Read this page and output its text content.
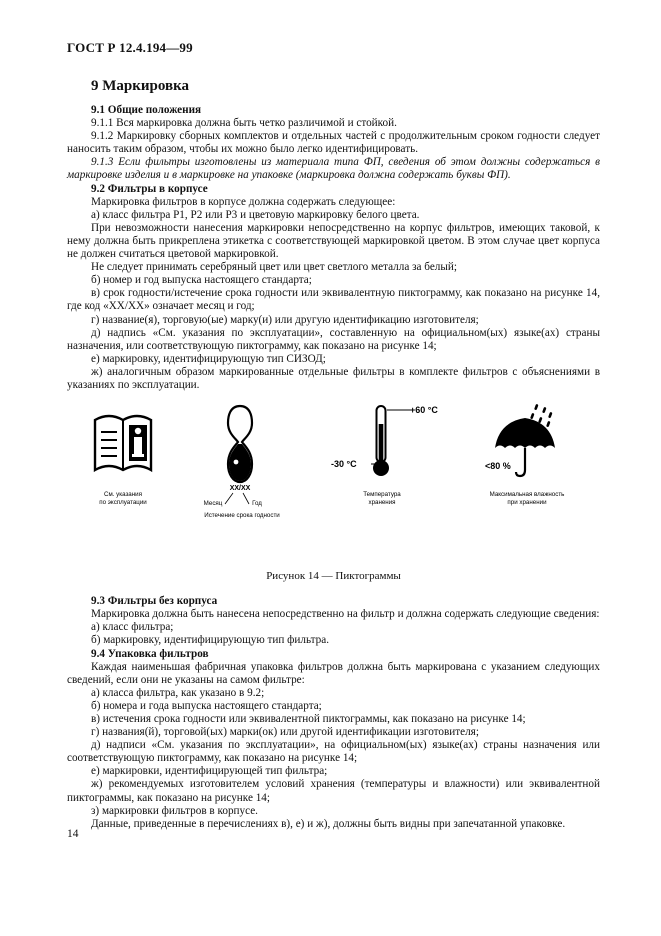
ГОСТ Р 12.4.194—99
9 Маркировка

9.1 Общие положения

9.1.1 Вся маркировка должна быть четко различимой и стойкой.

9.1.2 Маркировку сборных комплектов и отдельных частей с продолжительным сроком годности следует наносить таким образом, чтобы их можно было легко идентифицировать.

9.1.3 Если фильтры изготовлены из материала типа ФП, сведения об этом должны содержаться в маркировке изделия и в маркировке на упаковке (маркировка должна содержать буквы ФП).

9.2 Фильтры в корпусе

Маркировка фильтров в корпусе должна содержать следующее:

а) класс фильтра Р1, Р2 или Р3 и цветовую маркировку белого цвета.

При невозможности нанесения маркировки непосредственно на корпус фильтров, имеющих таковой, к нему должна быть прикреплена этикетка с соответствующей маркировкой цветом. В этом случае цвет корпуса не должен считаться цветовой маркировкой.

Не следует принимать серебряный цвет или цвет светлого металла за белый;

б) номер и год выпуска настоящего стандарта;

в) срок годности/истечение срока годности или эквивалентную пиктограмму, как показано на рисунке 14, где код «XX/XX» означает месяц и год;

г) название(я), торговую(ые) марку(и) или другую идентификацию изготовителя;

д) надпись «См. указания по эксплуатации», составленную на официальном(ых) языке(ах) страны назначения, или соответствующую пиктограмму, как показано на рисунке 14;

е) маркировку, идентифицирующую тип СИЗОД;

ж) аналогичным образом маркированные отдельные фильтры в комплекте фильтров с объяснениями в указаниях по эксплуатации.

См. указания
по эксплуатации
XX/XX
Месяц	Год
Истечение срока годности
+60 °С
-30 °С
Температура
хранения
<80 %
Максимальная влажность
при хранении
Рисунок 14 — Пиктограммы

9.3 Фильтры без корпуса

Маркировка должна быть нанесена непосредственно на фильтр и должна содержать следующие сведения:

а) класс фильтра;

б) маркировку, идентифицирующую тип фильтра.

9.4 Упаковка фильтров

Каждая наименьшая фабричная упаковка фильтров должна быть маркирована с указанием следующих сведений, если они не указаны на самом фильтре:

а) класса фильтра, как указано в 9.2;

б) номера и года выпуска настоящего стандарта;

в) истечения срока годности или эквивалентной пиктограммы, как показано на рисунке 14;

г) названия(й), торговой(ых) марки(ок) или другой идентификации изготовителя;

д) надписи «См. указания по эксплуатации», на официальном(ых) языке(ах) страны назначения или соответствующую пиктограмму, как показано на рисунке 14;

е) маркировки, идентифицирующей тип фильтра;

ж) рекомендуемых изготовителем условий хранения (температуры и влажности) или эквивалентной пиктограммы, как показано на рисунке 14;

з) маркировки фильтров в корпусе.

Данные, приведенные в перечислениях в), е) и ж), должны быть видны при запечатанной упаковке.

14
